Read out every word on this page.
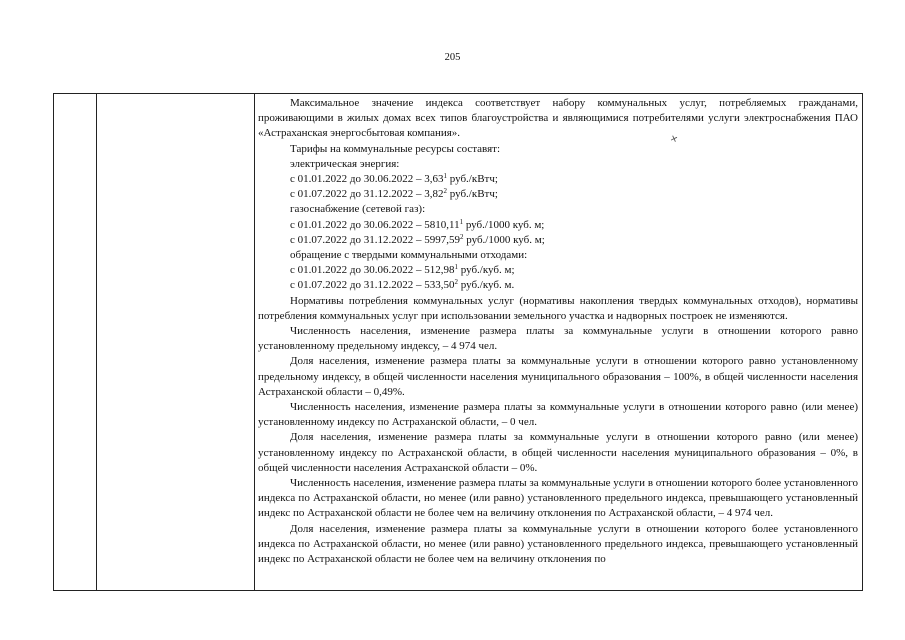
205
✕

Максимальное значение индекса соответствует набору коммунальных услуг, потребляемых гражданами, проживающими в жилых домах всех типов благоустройства и являющимися потребителями услуги электроснабжения ПАО «Астраханская энергосбытовая компания».

Тарифы на коммунальные ресурсы составят:

электрическая энергия:

с 01.01.2022 до 30.06.2022 – 3,63$^1$ руб./кВтч;

с 01.07.2022 до 31.12.2022 – 3,82$^2$ руб./кВтч;

газоснабжение (сетевой газ):

с 01.01.2022 до 30.06.2022 – 5810,11$^1$ руб./1000 куб. м;

с 01.07.2022 до 31.12.2022 – 5997,59$^2$ руб./1000 куб. м;

обращение с твердыми коммунальными отходами:

с 01.01.2022 до 30.06.2022 – 512,98$^1$ руб./куб. м;

с 01.07.2022 до 31.12.2022 – 533,50$^2$ руб./куб. м.

Нормативы потребления коммунальных услуг (нормативы накопления твердых коммунальных отходов), нормативы потребления коммунальных услуг при использовании земельного участка и надворных построек не изменяются.

Численность населения, изменение размера платы за коммунальные услуги в отношении которого равно установленному предельному индексу, – 4 974 чел.

Доля населения, изменение размера платы за коммунальные услуги в отношении которого равно установленному предельному индексу, в общей численности населения муниципального образования – 100%, в общей численности населения Астраханской области – 0,49%.

Численность населения, изменение размера платы за коммунальные услуги в отношении которого равно (или менее) установленному индексу по Астраханской области, – 0 чел.

Доля населения, изменение размера платы за коммунальные услуги в отношении которого равно (или менее) установленному индексу по Астраханской области, в общей численности населения муниципального образования – 0%, в общей численности населения Астраханской области – 0%.

Численность населения, изменение размера платы за коммунальные услуги в отношении которого более установленного индекса по Астраханской области, но менее (или равно) установленного предельного индекса, превышающего установленный индекс по Астраханской области не более чем на величину отклонения по Астраханской области, – 4 974 чел.

Доля населения, изменение размера платы за коммунальные услуги в отношении которого более установленного индекса по Астраханской области, но менее (или равно) установленного предельного индекса, превышающего установленный индекс по Астраханской области не более чем на величину отклонения по
